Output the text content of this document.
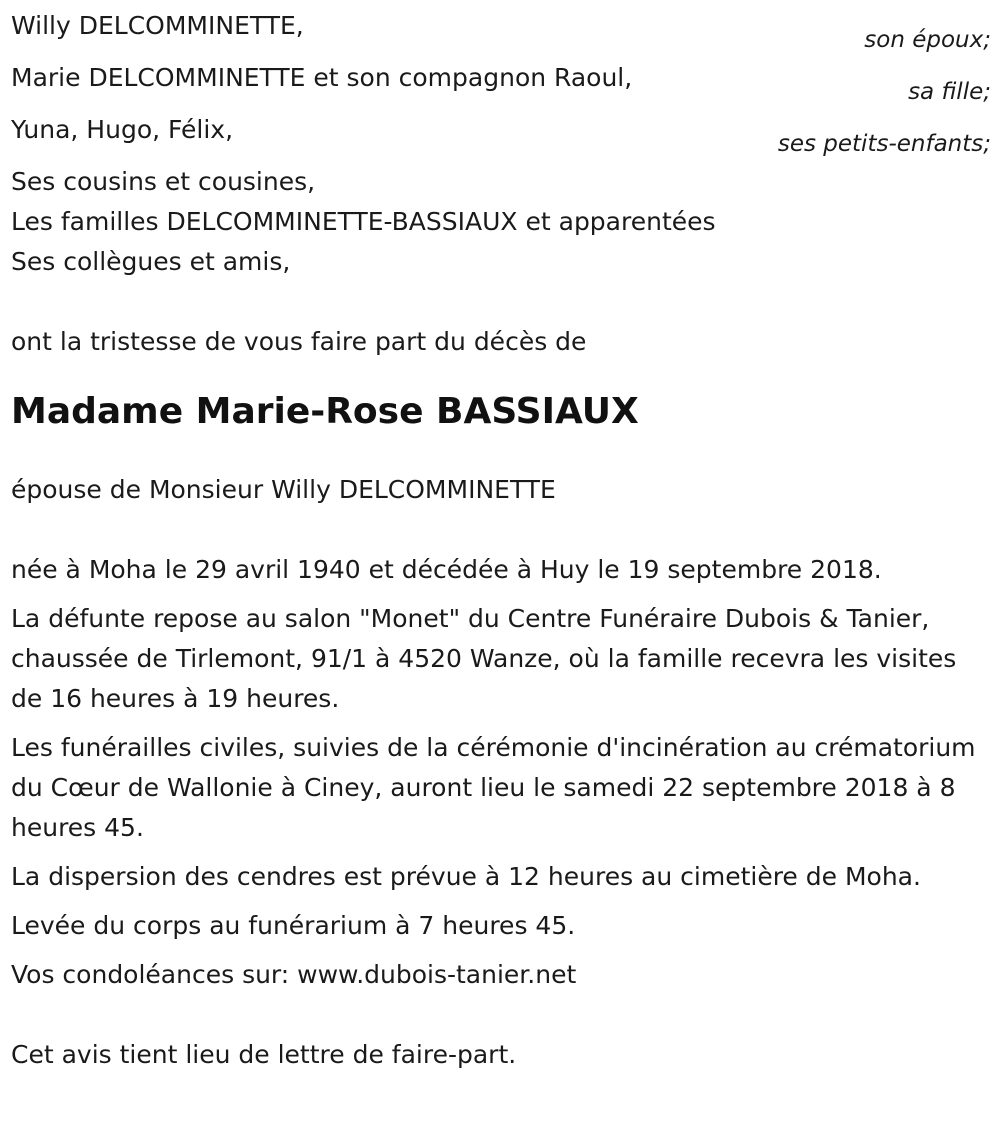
Willy DELCOMMINETTE,	son époux;
Marie DELCOMMINETTE et son compagnon Raoul,	sa fille;
Yuna, Hugo, Félix,	ses petits-enfants;
Ses cousins et cousines,
Les familles DELCOMMINETTE-BASSIAUX et apparentées
Ses collègues et amis,
ont la tristesse de vous faire part du décès de
Madame Marie-Rose BASSIAUX
épouse de Monsieur Willy DELCOMMINETTE
née à Moha le 29 avril 1940 et décédée à Huy le 19 septembre 2018.
La défunte repose au salon "Monet" du Centre Funéraire Dubois & Tanier, chaussée de Tirlemont, 91/1 à 4520 Wanze, où la famille recevra les visites de 16 heures à 19 heures.
Les funérailles civiles, suivies de la cérémonie d'incinération au crématorium du Cœur de Wallonie à Ciney, auront lieu le samedi 22 septembre 2018 à 8 heures 45.
La dispersion des cendres est prévue à 12 heures au cimetière de Moha.
Levée du corps au funérarium à 7 heures 45.
Vos condoléances sur: www.dubois-tanier.net
Cet avis tient lieu de lettre de faire-part.
